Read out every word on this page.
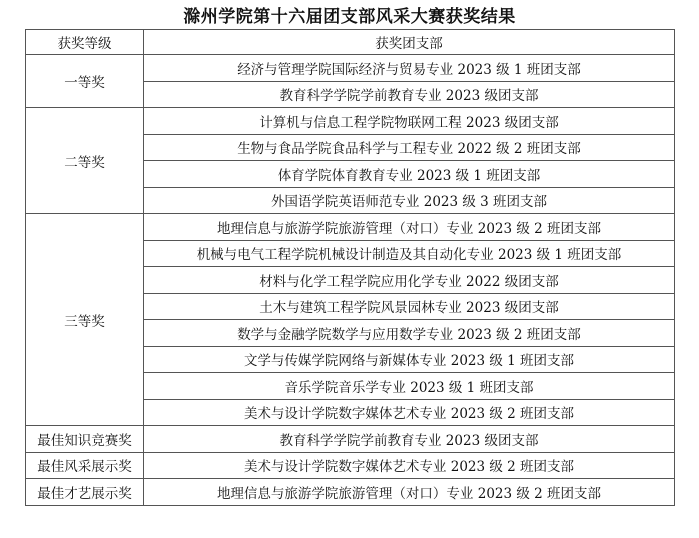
滁州学院第十六届团支部风采大赛获奖结果
获奖等级	获奖团支部
一等奖	经济与管理学院国际经济与贸易专业 2023 级 1 班团支部
	教育科学学院学前教育专业 2023 级团支部
二等奖	计算机与信息工程学院物联网工程 2023 级团支部
	生物与食品学院食品科学与工程专业 2022 级 2 班团支部
	体育学院体育教育专业 2023 级 1 班团支部
	外国语学院英语师范专业 2023 级 3 班团支部
三等奖	地理信息与旅游学院旅游管理（对口）专业 2023 级 2 班团支部
	机械与电气工程学院机械设计制造及其自动化专业 2023 级 1 班团支部
	材料与化学工程学院应用化学专业 2022 级团支部
	土木与建筑工程学院风景园林专业 2023 级团支部
	数学与金融学院数学与应用数学专业 2023 级 2 班团支部
	文学与传媒学院网络与新媒体专业 2023 级 1 班团支部
	音乐学院音乐学专业 2023 级 1 班团支部
	美术与设计学院数字媒体艺术专业 2023 级 2 班团支部
最佳知识竞赛奖	教育科学学院学前教育专业 2023 级团支部
最佳风采展示奖	美术与设计学院数字媒体艺术专业 2023 级 2 班团支部
最佳才艺展示奖	地理信息与旅游学院旅游管理（对口）专业 2023 级 2 班团支部
